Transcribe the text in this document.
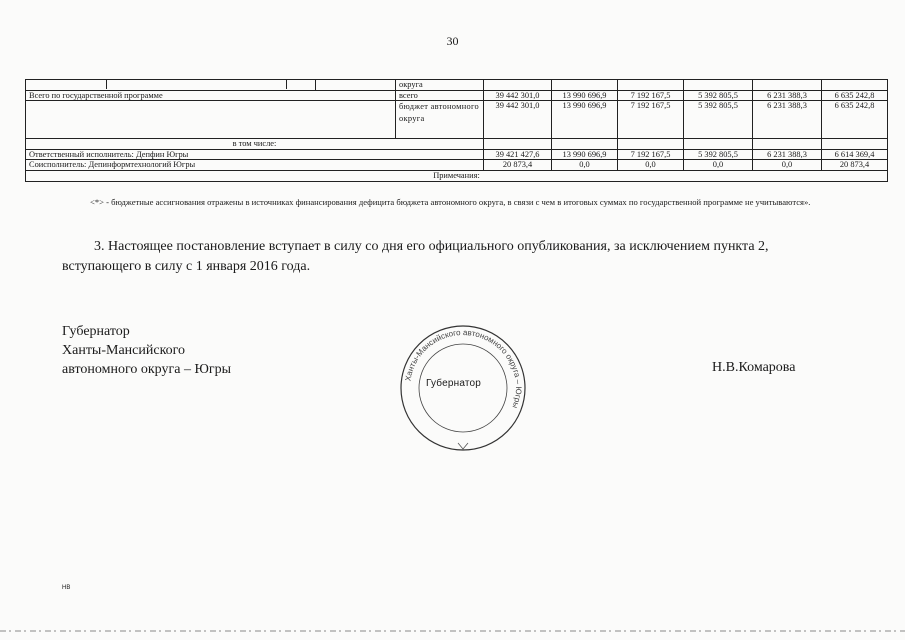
30
		округа						
Всего по государственной программе		всего	39 442 301,0	13 990 696,9	7 192 167,5	5 392 805,5	6 231 388,3	6 635 242,8
		бюджет автономного округа	39 442 301,0	13 990 696,9	7 192 167,5	5 392 805,5	6 231 388,3	6 635 242,8
в том числе:								
Ответственный исполнитель: Депфин Югры			39 421 427,6	13 990 696,9	7 192 167,5	5 392 805,5	6 231 388,3	6 614 369,4
Соисполнитель: Депинформтехнологий Югры			20 873,4	0,0	0,0	0,0	0,0	20 873,4
Примечания:								
<*> - бюджетные ассигнования отражены в источниках финансирования дефицита бюджета автономного округа, в связи с чем в итоговых суммах по государственной программе не учитываются».
3. Настоящее постановление вступает в силу со дня его официального опубликования, за исключением пункта 2, вступающего в силу с 1 января 2016 года.
Губернатор
Ханты-Мансийского
автономного округа – Югры
Ханты-Мансийского автономного округа – Югры
Губернатор
Н.В.Комарова
НВ
